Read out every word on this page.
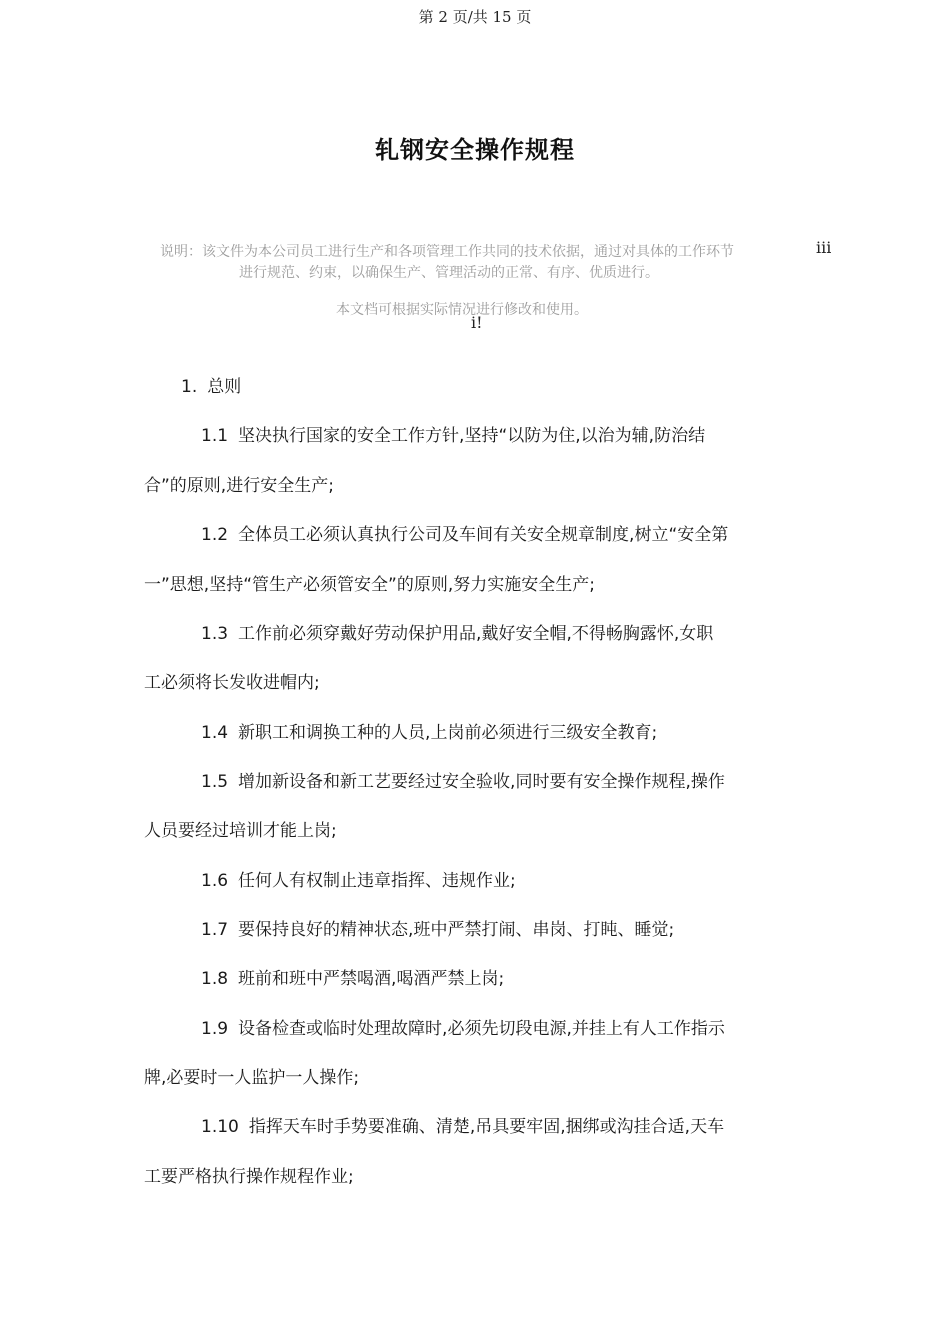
第 2 页/共 15 页
轧钢安全操作规程
说明：该文件为本公司员工进行生产和各项管理工作共同的技术依据，通过对具体的工作环节	iii
进行规范、约束，以确保生产、管理活动的正常、有序、优质进行。
本文档可根据实际情况进行修改和使用。
i!
1. 总则
1.1 坚决执行国家的安全工作方针,坚持“以防为住,以治为辅,防治结
合”的原则,进行安全生产;
1.2 全体员工必须认真执行公司及车间有关安全规章制度,树立“安全第
一”思想,坚持“管生产必须管安全”的原则,努力实施安全生产;
1.3 工作前必须穿戴好劳动保护用品,戴好安全帽,不得畅胸露怀,女职
工必须将长发收进帽内;
1.4 新职工和调换工种的人员,上岗前必须进行三级安全教育;
1.5 增加新设备和新工艺要经过安全验收,同时要有安全操作规程,操作
人员要经过培训才能上岗;
1.6 任何人有权制止违章指挥、违规作业;
1.7 要保持良好的精神状态,班中严禁打闹、串岗、打盹、睡觉;
1.8 班前和班中严禁喝酒,喝酒严禁上岗;
1.9 设备检查或临时处理故障时,必须先切段电源,并挂上有人工作指示
牌,必要时一人监护一人操作;
1.10 指挥天车时手势要准确、清楚,吊具要牢固,捆绑或沟挂合适,天车
工要严格执行操作规程作业;
